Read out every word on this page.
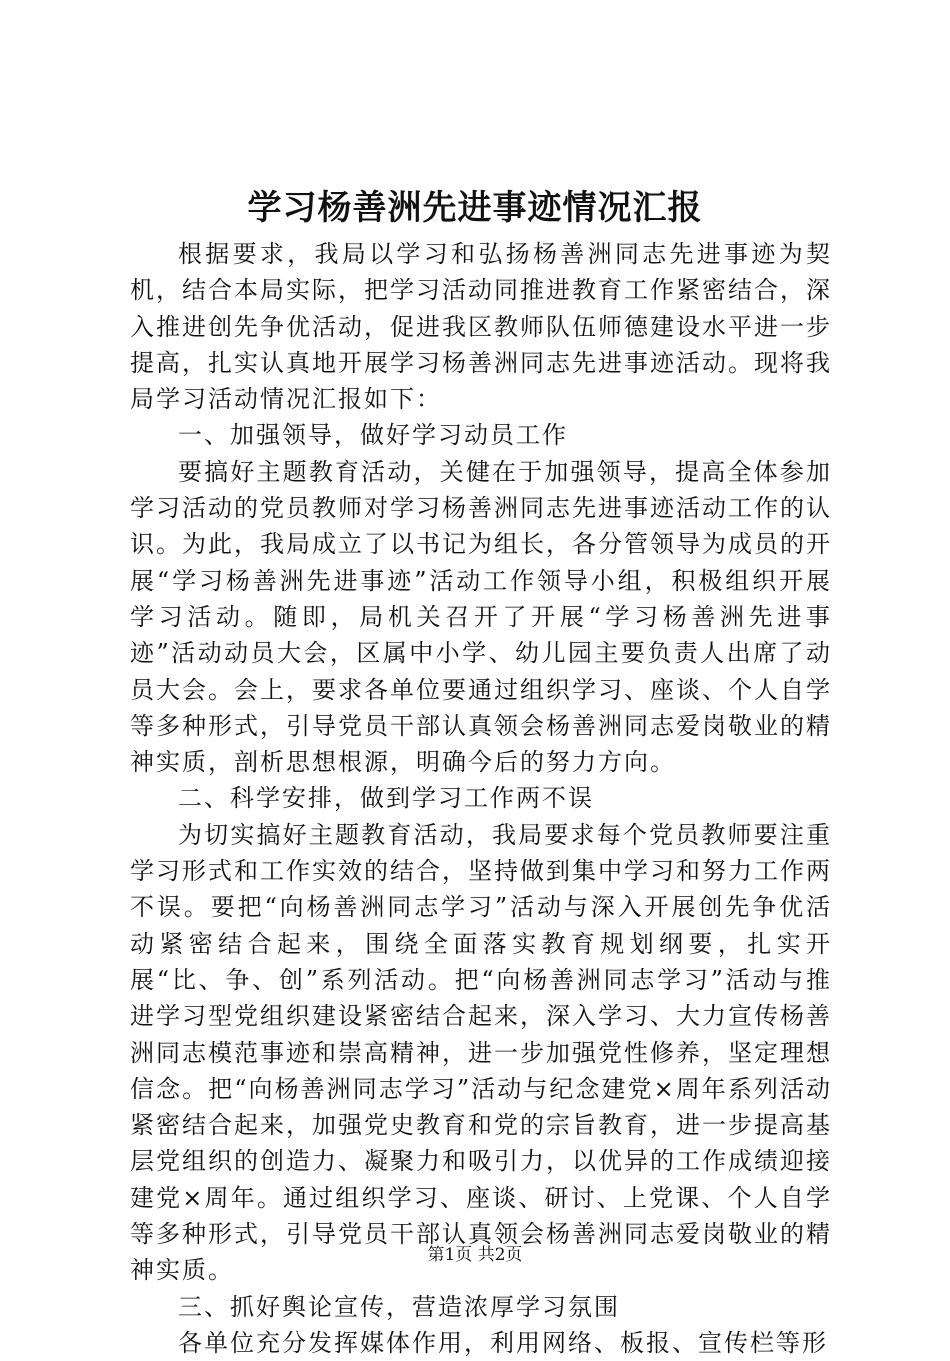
学习杨善洲先进事迹情况汇报

根据要求，我局以学习和弘扬杨善洲同志先进事迹为契机，结合本局实际，把学习活动同推进教育工作紧密结合，深入推进创先争优活动，促进我区教师队伍师德建设水平进一步提高，扎实认真地开展学习杨善洲同志先进事迹活动。现将我局学习活动情况汇报如下：

一、加强领导，做好学习动员工作

要搞好主题教育活动，关健在于加强领导，提高全体参加学习活动的党员教师对学习杨善洲同志先进事迹活动工作的认识。为此，我局成立了以书记为组长，各分管领导为成员的开展“学习杨善洲先进事迹”活动工作领导小组，积极组织开展学习活动。随即，局机关召开了开展“学习杨善洲先进事迹”活动动员大会，区属中小学、幼儿园主要负责人出席了动员大会。会上，要求各单位要通过组织学习、座谈、个人自学等多种形式，引导党员干部认真领会杨善洲同志爱岗敬业的精神实质，剖析思想根源，明确今后的努力方向。

二、科学安排，做到学习工作两不误

为切实搞好主题教育活动，我局要求每个党员教师要注重学习形式和工作实效的结合，坚持做到集中学习和努力工作两不误。要把“向杨善洲同志学习”活动与深入开展创先争优活动紧密结合起来，围绕全面落实教育规划纲要，扎实开展“比、争、创”系列活动。把“向杨善洲同志学习”活动与推进学习型党组织建设紧密结合起来，深入学习、大力宣传杨善洲同志模范事迹和崇高精神，进一步加强党性修养，坚定理想信念。把“向杨善洲同志学习”活动与纪念建党×周年系列活动紧密结合起来，加强党史教育和党的宗旨教育，进一步提高基层党组织的创造力、凝聚力和吸引力，以优异的工作成绩迎接建党×周年。通过组织学习、座谈、研讨、上党课、个人自学等多种形式，引导党员干部认真领会杨善洲同志爱岗敬业的精神实质。

三、抓好舆论宣传，营造浓厚学习氛围

各单位充分发挥媒体作用，利用网络、板报、宣传栏等形

第1页 共2页
